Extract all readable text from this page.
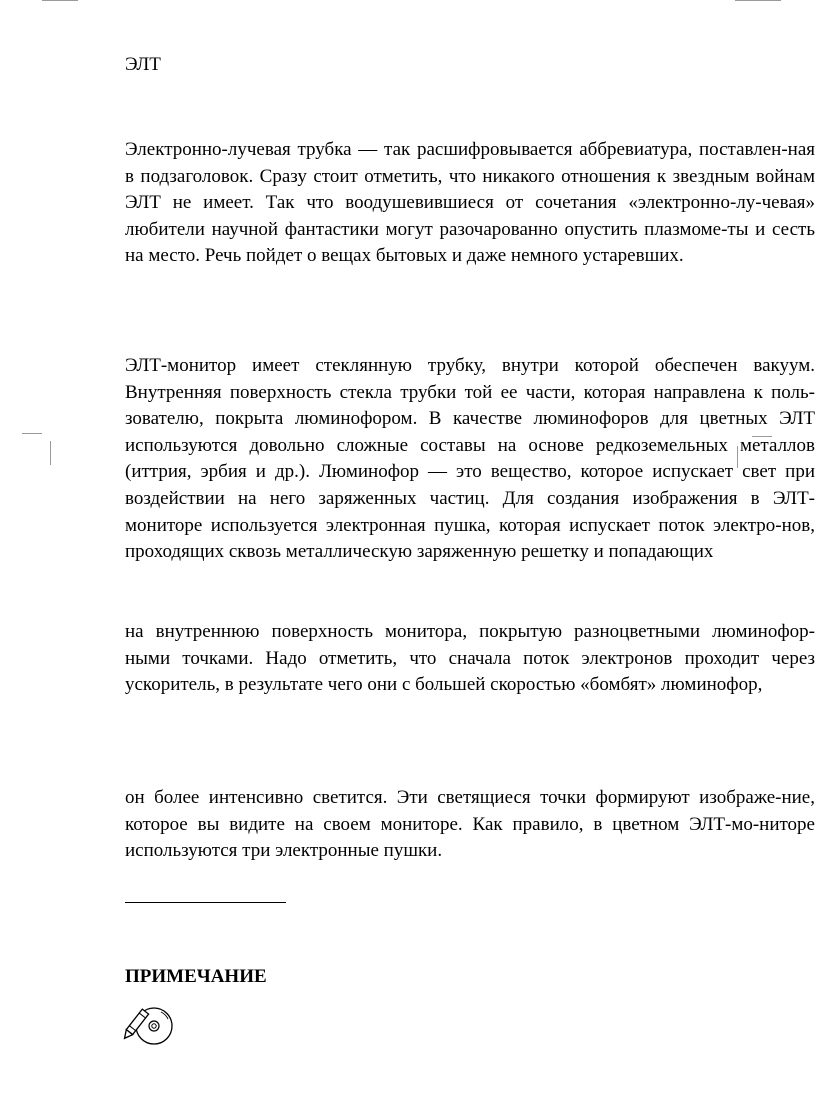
ЭЛТ

Электронно-лучевая трубка — так расшифровывается аббревиатура, поставлен-ная в подзаголовок. Сразу стоит отметить, что никакого отношения к звездным войнам ЭЛТ не имеет. Так что воодушевившиеся от сочетания «электронно-лу-чевая» любители научной фантастики могут разочарованно опустить плазмоме-ты и сесть на место. Речь пойдет о вещах бытовых и даже немного устаревших.

ЭЛТ-монитор имеет стеклянную трубку, внутри которой обеспечен вакуум. Внутренняя поверхность стекла трубки той ее части, которая направлена к поль-зователю, покрыта люминофором. В качестве люминофоров для цветных ЭЛТ используются довольно сложные составы на основе редкоземельных металлов (иттрия, эрбия и др.). Люминофор — это вещество, которое испускает свет при воздействии на него заряженных частиц. Для создания изображения в ЭЛТ-мониторе используется электронная пушка, которая испускает поток электро-нов, проходящих сквозь металлическую заряженную решетку и попадающих

на внутреннюю поверхность монитора, покрытую разноцветными люминофор-ными точками. Надо отметить, что сначала поток электронов проходит через ускоритель, в результате чего они с большей скоростью «бомбят» люминофор,

он более интенсивно светится. Эти светящиеся точки формируют изображе-ние, которое вы видите на своем мониторе. Как правило, в цветном ЭЛТ-мо-ниторе используются три электронные пушки.

ПРИМЕЧАНИЕ
